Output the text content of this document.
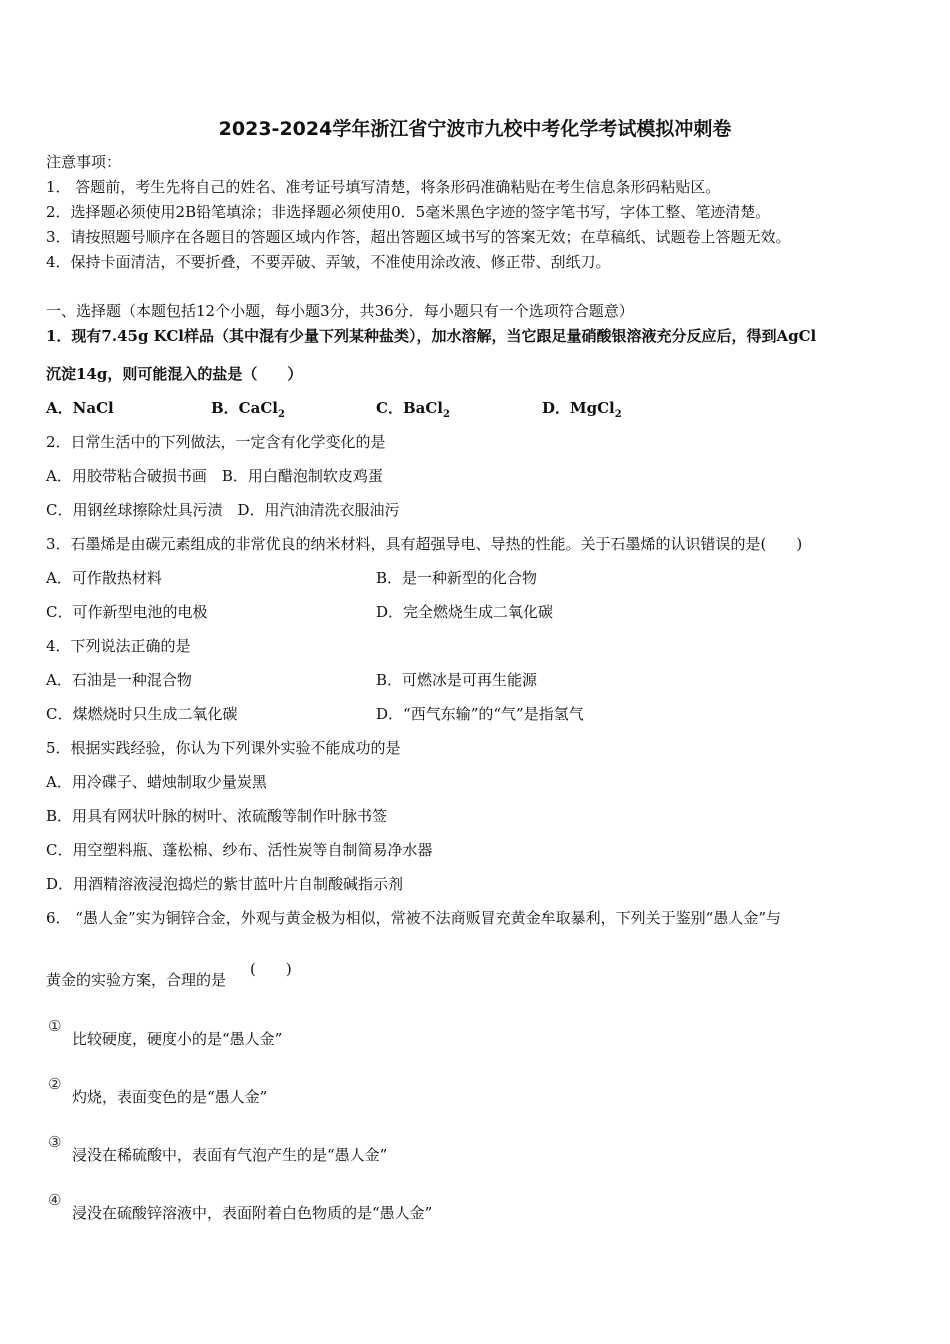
2023-2024学年浙江省宁波市九校中考化学考试模拟冲刺卷
注意事项：
1． 答题前，考生先将自己的姓名、准考证号填写清楚，将条形码准确粘贴在考生信息条形码粘贴区。
2．选择题必须使用2B铅笔填涂；非选择题必须使用0．5毫米黑色字迹的签字笔书写，字体工整、笔迹清楚。
3．请按照题号顺序在各题目的答题区域内作答，超出答题区域书写的答案无效；在草稿纸、试题卷上答题无效。
4．保持卡面清洁，不要折叠，不要弄破、弄皱，不准使用涂改液、修正带、刮纸刀。
一、选择题（本题包括12个小题，每小题3分，共36分．每小题只有一个选项符合题意）
1．现有7.45g KCl样品（其中混有少量下列某种盐类），加水溶解，当它跟足量硝酸银溶液充分反应后，得到AgCl
沉淀14g，则可能混入的盐是（　　）
A．NaCl	B．CaCl$_2$	C．BaCl$_2$	D．MgCl$_2$
2．日常生活中的下列做法，一定含有化学变化的是
A．用胶带粘合破损书画　B．用白醋泡制软皮鸡蛋
C．用钢丝球擦除灶具污渍　D．用汽油清洗衣服油污
3．石墨烯是由碳元素组成的非常优良的纳米材料，具有超强导电、导热的性能。关于石墨烯的认识错误的是(　　)
A．可作散热材料	B．是一种新型的化合物
C．可作新型电池的电极	D．完全燃烧生成二氧化碳
4．下列说法正确的是
A．石油是一种混合物	B．可燃冰是可再生能源
C．煤燃烧时只生成二氧化碳	D．“西气东输”的“气”是指氢气
5．根据实践经验，你认为下列课外实验不能成功的是
A．用冷碟子、蜡烛制取少量炭黑
B．用具有网状叶脉的树叶、浓硫酸等制作叶脉书签
C．用空塑料瓶、蓬松棉、纱布、活性炭等自制简易净水器
D．用酒精溶液浸泡捣烂的紫甘蓝叶片自制酸碱指示剂
6． “愚人金”实为铜锌合金，外观与黄金极为相似，常被不法商贩冒充黄金牟取暴利，下列关于鉴别“愚人金”与
黄金的实验方案，合理的是
(　　)
①
比较硬度，硬度小的是“愚人金”
②
灼烧，表面变色的是“愚人金”
③
浸没在稀硫酸中，表面有气泡产生的是“愚人金”
④
浸没在硫酸锌溶液中，表面附着白色物质的是“愚人金”
